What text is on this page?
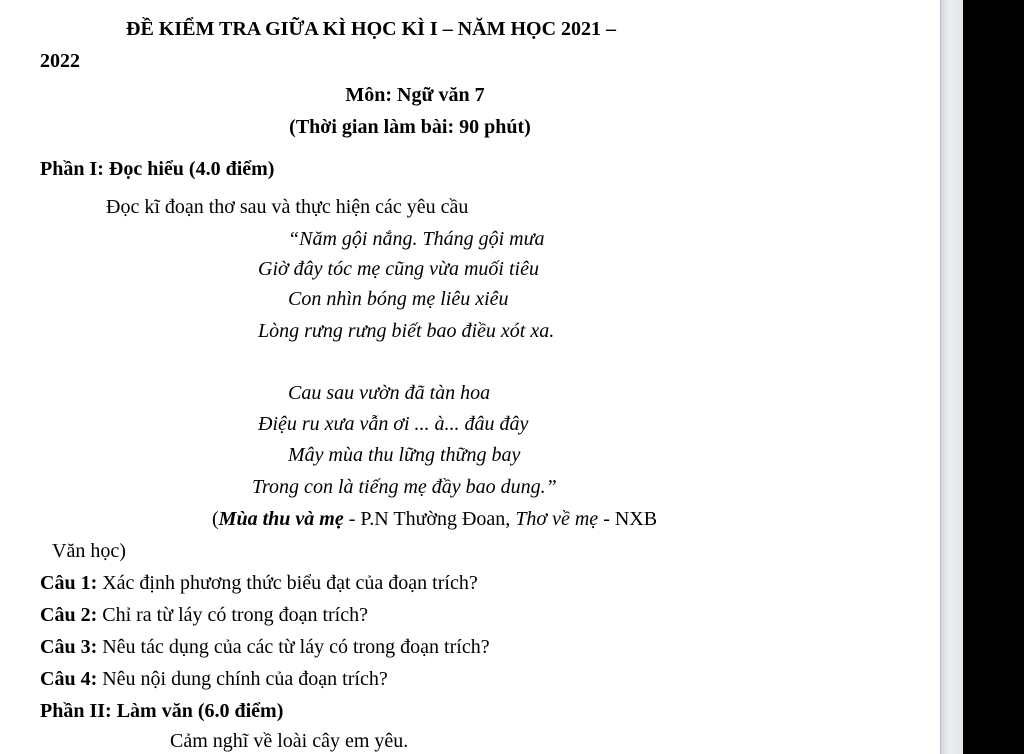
ĐỀ KIỂM TRA GIỮA KÌ HỌC KÌ I – NĂM HỌC 2021 –
2022
Môn: Ngữ văn 7
(Thời gian làm bài: 90 phút)
Phần I: Đọc hiểu (4.0 điểm)
Đọc kĩ đoạn thơ sau và thực hiện các yêu cầu
“Năm gội nắng. Tháng gội mưa
Giờ đây tóc mẹ cũng vừa muối tiêu
Con nhìn bóng mẹ liêu xiêu
Lòng rưng rưng biết bao điều xót xa.
Cau sau vườn đã tàn hoa
Điệu ru xưa vẫn ơi ... à... đâu đây
Mây mùa thu lững thững bay
Trong con là tiếng mẹ đầy bao dung.”
(Mùa thu và mẹ - P.N Thường Đoan, Thơ về mẹ - NXB
Văn học)
Câu 1: Xác định phương thức biểu đạt của đoạn trích?
Câu 2: Chỉ ra từ láy có trong đoạn trích?
Câu 3: Nêu tác dụng của các từ láy có trong đoạn trích?
Câu 4: Nêu nội dung chính của đoạn trích?
Phần II: Làm văn (6.0 điểm)
Cảm nghĩ về loài cây em yêu.
